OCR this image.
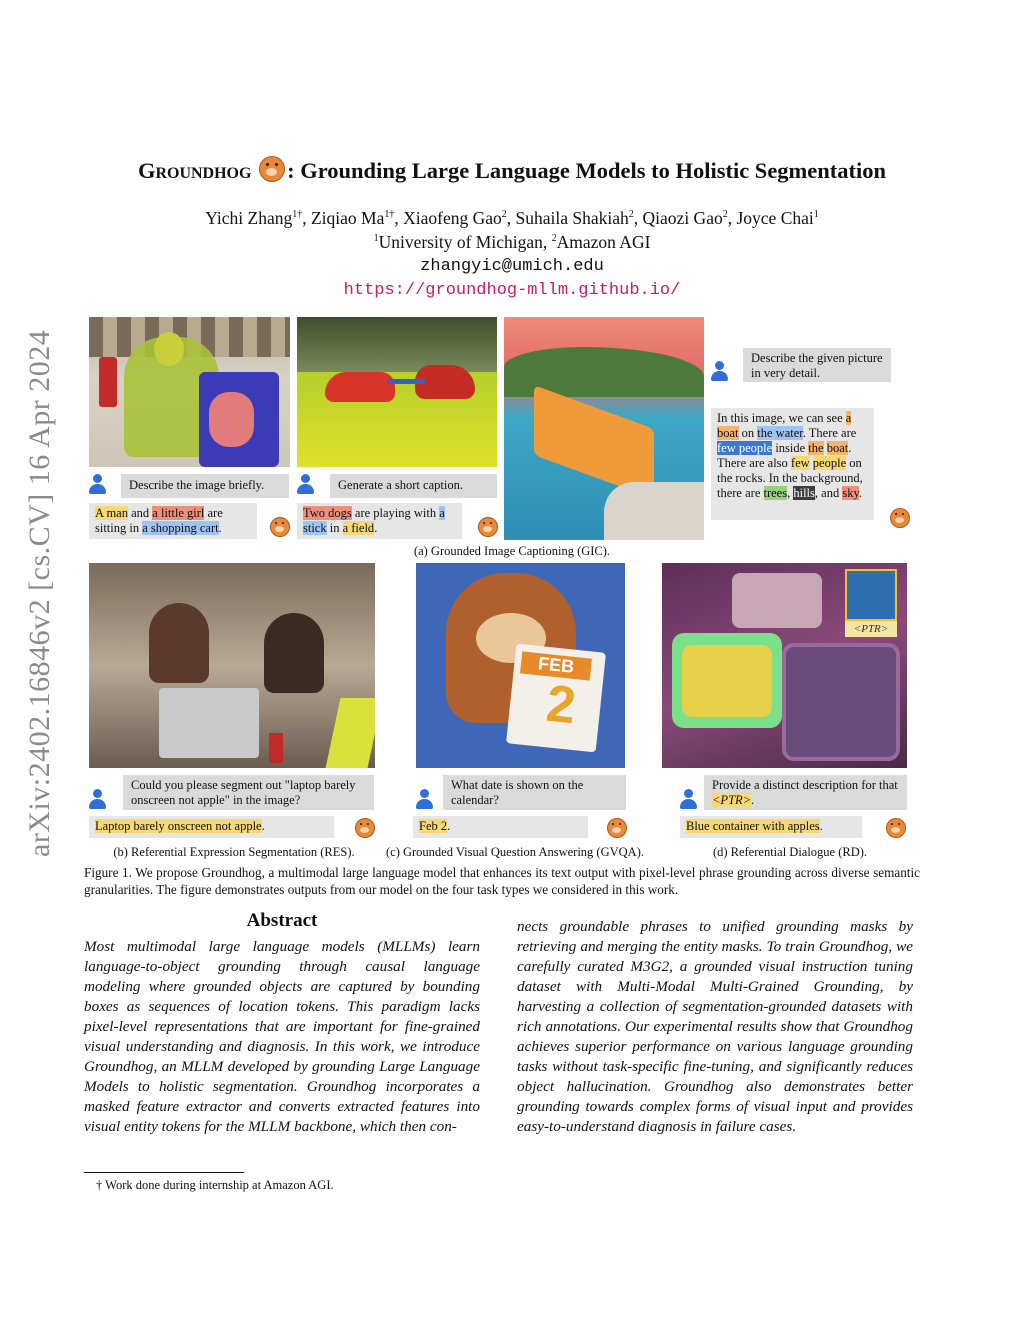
arXiv:2402.16846v2 [cs.CV] 16 Apr 2024
Groundhog : Grounding Large Language Models to Holistic Segmentation
Yichi Zhang$^{1\dagger}$, Ziqiao $Ma^{1\dagger}$, Xiaofeng Gao$^2$, Suhaila Shakiah$^2$, Qiaozi Gao$^2$, Joyce Chai$^1$
$^1$University of Michigan, $^2$Amazon AGI
zhangyic@umich.edu
https://groundhog-mllm.github.io/
Describe the image briefly.
A man and a little girl are sitting in a shopping cart.
Generate a short caption.
Two dogs are playing with a stick in a field.
Describe the given picture in very detail.
In this image, we can see a boat on the water. There are few people inside the boat. There are also few people on the rocks. In the background, there are trees, hills, and sky.
(a) Grounded Image Captioning (GIC).
Could you please segment out "laptop barely onscreen not apple" in the image?
Laptop barely onscreen not apple.
(b) Referential Expression Segmentation (RES).
FEB
2
What date is shown on the calendar?
Feb 2.
(c) Grounded Visual Question Answering (GVQA).
<PTR>
Provide a distinct description for that <PTR>.
Blue container with apples.
(d) Referential Dialogue (RD).
Figure 1. We propose Groundhog, a multimodal large language model that enhances its text output with pixel-level phrase grounding across diverse semantic granularities. The figure demonstrates outputs from our model on the four task types we considered in this work.
Abstract
Most multimodal large language models (MLLMs) learn language-to-object grounding through causal language modeling where grounded objects are captured by bounding boxes as sequences of location tokens. This paradigm lacks pixel-level representations that are important for fine-grained visual understanding and diagnosis. In this work, we introduce Groundhog, an MLLM developed by grounding Large Language Models to holistic segmentation. Groundhog incorporates a masked feature extractor and converts extracted features into visual entity tokens for the MLLM backbone, which then con-
nects groundable phrases to unified grounding masks by retrieving and merging the entity masks. To train Groundhog, we carefully curated M3G2, a grounded visual instruction tuning dataset with Multi-Modal Multi-Grained Grounding, by harvesting a collection of segmentation-grounded datasets with rich annotations. Our experimental results show that Groundhog achieves superior performance on various language grounding tasks without task-specific fine-tuning, and significantly reduces object hallucination. Groundhog also demonstrates better grounding towards complex forms of visual input and provides easy-to-understand diagnosis in failure cases.
† Work done during internship at Amazon AGI.
